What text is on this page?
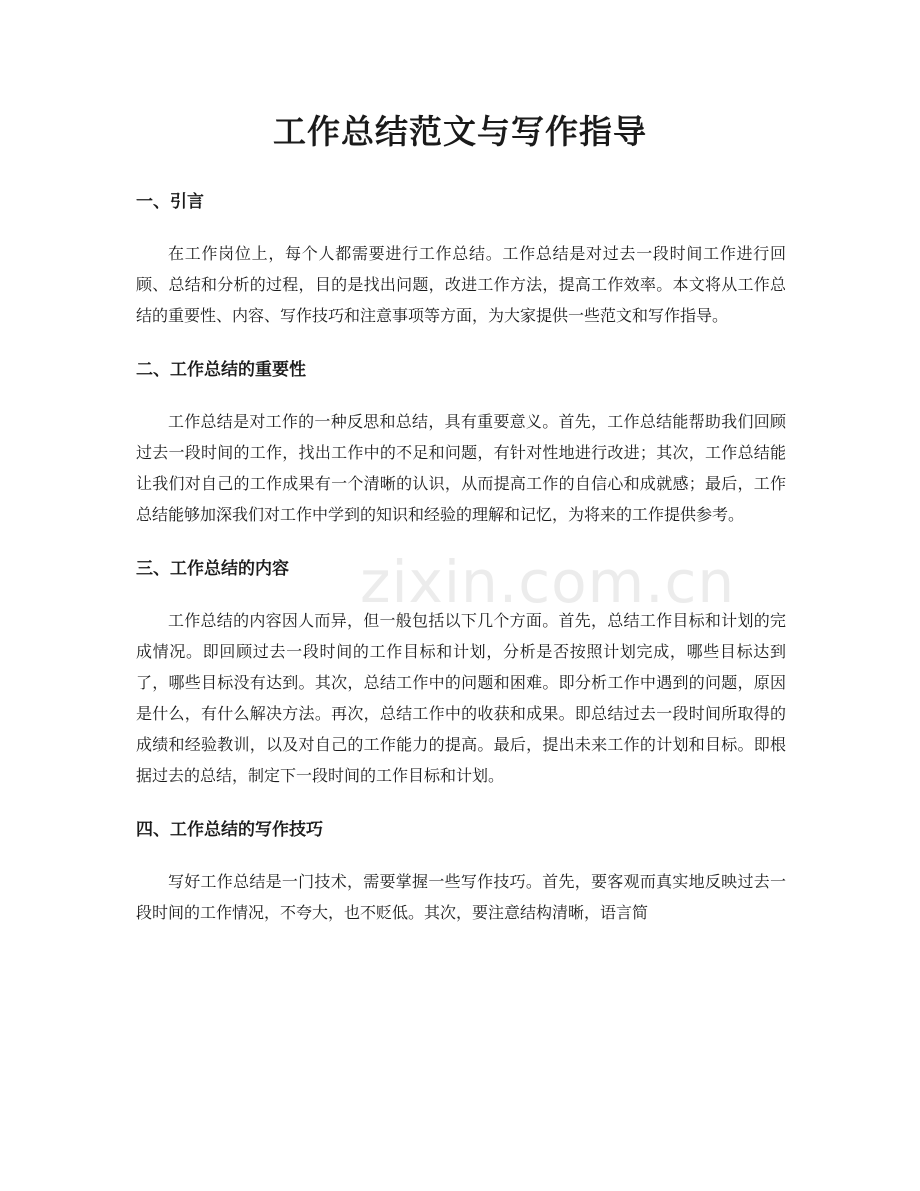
zixin.com.cn
工作总结范文与写作指导
一、引言

在工作岗位上，每个人都需要进行工作总结。工作总结是对过去一段时间工作进行回顾、总结和分析的过程，目的是找出问题，改进工作方法，提高工作效率。本文将从工作总结的重要性、内容、写作技巧和注意事项等方面，为大家提供一些范文和写作指导。

二、工作总结的重要性

工作总结是对工作的一种反思和总结，具有重要意义。首先，工作总结能帮助我们回顾过去一段时间的工作，找出工作中的不足和问题，有针对性地进行改进；其次，工作总结能让我们对自己的工作成果有一个清晰的认识，从而提高工作的自信心和成就感；最后，工作总结能够加深我们对工作中学到的知识和经验的理解和记忆，为将来的工作提供参考。

三、工作总结的内容

工作总结的内容因人而异，但一般包括以下几个方面。首先，总结工作目标和计划的完成情况。即回顾过去一段时间的工作目标和计划，分析是否按照计划完成，哪些目标达到了，哪些目标没有达到。其次，总结工作中的问题和困难。即分析工作中遇到的问题，原因是什么，有什么解决方法。再次，总结工作中的收获和成果。即总结过去一段时间所取得的成绩和经验教训，以及对自己的工作能力的提高。最后，提出未来工作的计划和目标。即根据过去的总结，制定下一段时间的工作目标和计划。

四、工作总结的写作技巧

写好工作总结是一门技术，需要掌握一些写作技巧。首先，要客观而真实地反映过去一段时间的工作情况，不夸大，也不贬低。其次，要注意结构清晰，语言简
